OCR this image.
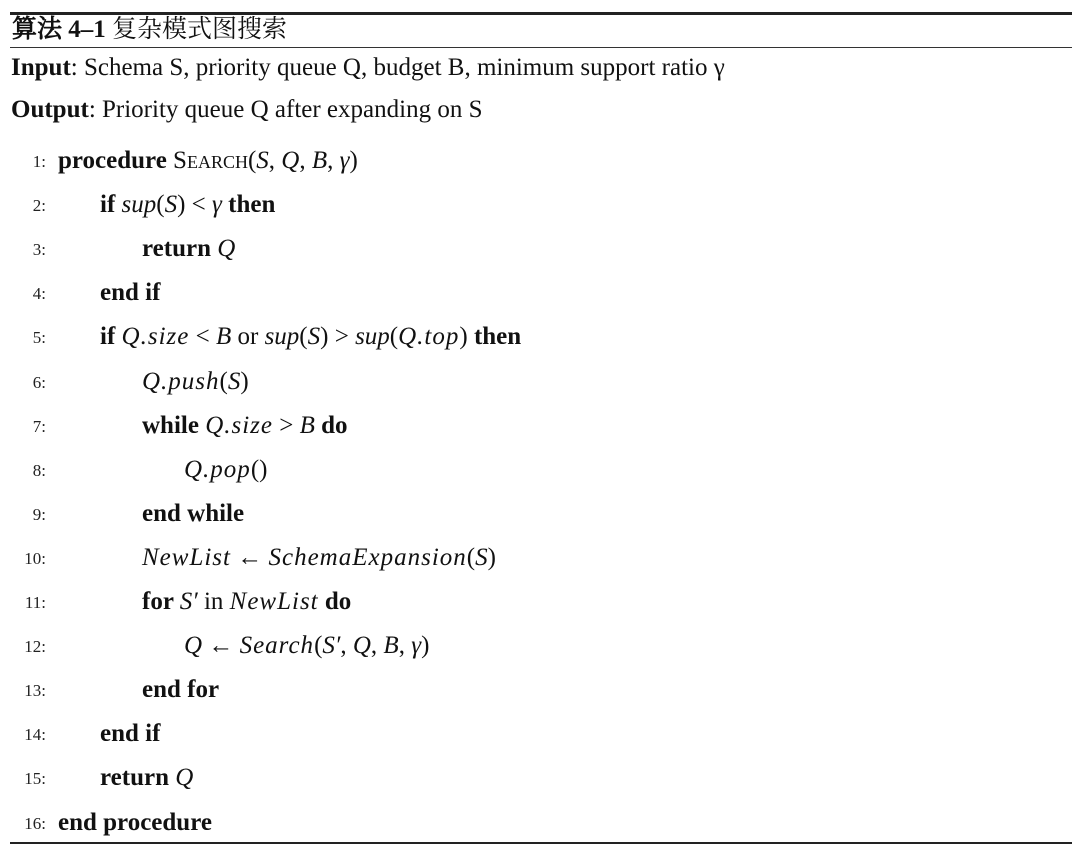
算法 4–1 复杂模式图搜索
Input: Schema S, priority queue Q, budget B, minimum support ratio γ
Output: Priority queue Q after expanding on S
1: procedure Search(S, Q, B, γ)
2: if sup(S) < γ then
3:	return Q
4: end if
5: if Q.size < B or sup(S) > sup(Q.top) then
6:	Q.push(S)
7:	while Q.size > B do
8:	Q.pop()
9:	end while
10:	NewList ← SchemaExpansion(S)
11:	for S′ in NewList do
12:	Q ← Search(S′, Q, B, γ)
13:	end for
14: end if
15: return Q
16: end procedure
